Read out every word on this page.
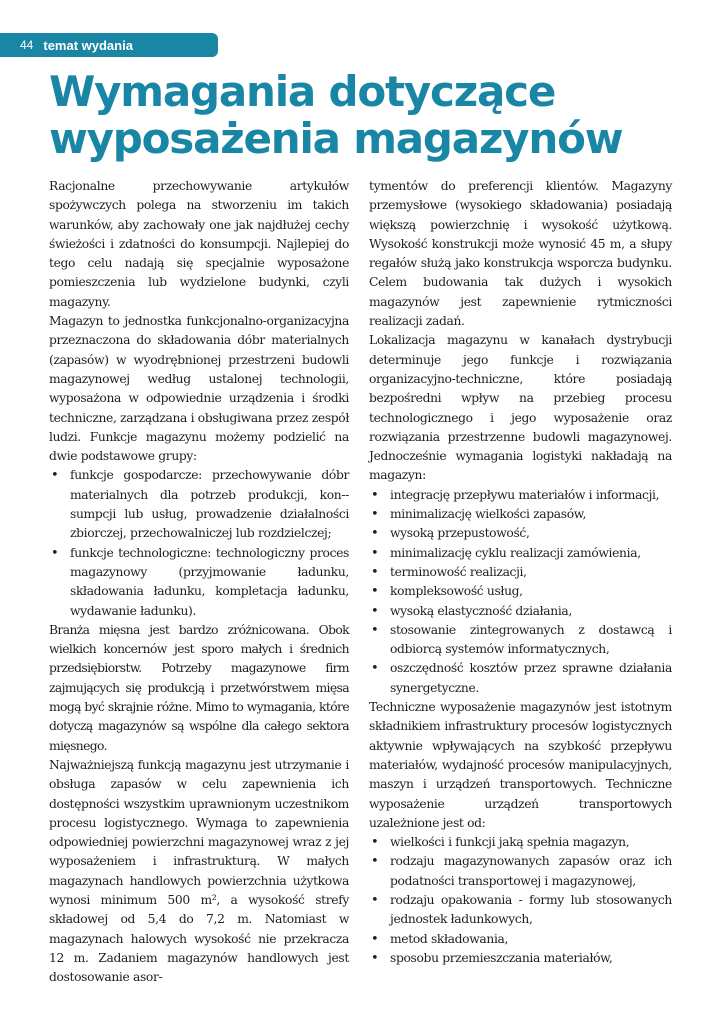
44 temat wydania
Wymagania dotyczące wyposażenia magazynów

Racjonalne przechowywanie artykułów spożywczych polega na stworzeniu im takich warunków, aby zachowały one jak najdłużej cechy świeżości i zdatności do konsumpcji. Najlepiej do tego celu nadają się specjalnie wyposażone pomieszczenia lub wydzielone budynki, czyli magazyny.

Magazyn to jednostka funkcjonalno-organizacyjna przeznaczona do składowania dóbr materialnych (zapasów) w wyodrębnionej przestrzeni budowli magazynowej według ustalonej technologii, wyposażona w odpowiednie urządzenia i środki techniczne, zarządzana i obsługiwana przez zespół ludzi. Funkcje magazynu możemy podzielić na dwie podstawowe grupy:

• funkcje gospodarcze: przechowywanie dóbr materialnych dla potrzeb produkcji, kon--sumpcji lub usług, prowadzenie działalności zbiorczej, przechowalniczej lub rozdzielczej;
• funkcje technologiczne: technologiczny proces magazynowy (przyjmowanie ładunku, składowania ładunku, kompletacja ładunku, wydawanie ładunku).

Branża mięsna jest bardzo zróżnicowana. Obok wielkich koncernów jest sporo małych i średnich przedsiębiorstw. Potrzeby magazynowe firm zajmujących się produkcją i przetwórstwem mięsa mogą być skrajnie różne. Mimo to wymagania, które dotyczą magazynów są wspólne dla całego sektora mięsnego.

Najważniejszą funkcją magazynu jest utrzymanie i obsługa zapasów w celu zapewnienia ich dostępności wszystkim uprawnionym uczestnikom procesu logistycznego. Wymaga to zapewnienia odpowiedniej powierzchni magazynowej wraz z jej wyposażeniem i infrastrukturą. W małych magazynach handlowych powierzchnia użytkowa wynosi minimum 500 m², a wysokość strefy składowej od 5,4 do 7,2 m. Natomiast w magazynach halowych wysokość nie przekracza 12 m. Zadaniem magazynów handlowych jest dostosowanie asor-

tymentów do preferencji klientów. Magazyny przemysłowe (wysokiego składowania) posiadają większą powierzchnię i wysokość użytkową. Wysokość konstrukcji może wynosić 45 m, a słupy regałów służą jako konstrukcja wsporcza budynku. Celem budowania tak dużych i wysokich magazynów jest zapewnienie rytmiczności realizacji zadań.

Lokalizacja magazynu w kanałach dystrybucji determinuje jego funkcje i rozwiązania organizacyjno-techniczne, które posiadają bezpośredni wpływ na przebieg procesu technologicznego i jego wyposażenie oraz rozwiązania przestrzenne budowli magazynowej. Jednocześnie wymagania logistyki nakładają na magazyn:

• integrację przepływu materiałów i informacji,
• minimalizację wielkości zapasów,
• wysoką przepustowość,
• minimalizację cyklu realizacji zamówienia,
• terminowość realizacji,
• kompleksowość usług,
• wysoką elastyczność działania,
• stosowanie zintegrowanych z dostawcą i odbiorcą systemów informatycznych,
• oszczędność kosztów przez sprawne działania synergetyczne.

Techniczne wyposażenie magazynów jest istotnym składnikiem infrastruktury procesów logistycznych aktywnie wpływających na szybkość przepływu materiałów, wydajność procesów manipulacyjnych, maszyn i urządzeń transportowych. Techniczne wyposażenie urządzeń transportowych uzależnione jest od:

• wielkości i funkcji jaką spełnia magazyn,
• rodzaju magazynowanych zapasów oraz ich podatności transportowej i magazynowej,
• rodzaju opakowania - formy lub stosowanych jednostek ładunkowych,
• metod składowania,
• sposobu przemieszczania materiałów,
